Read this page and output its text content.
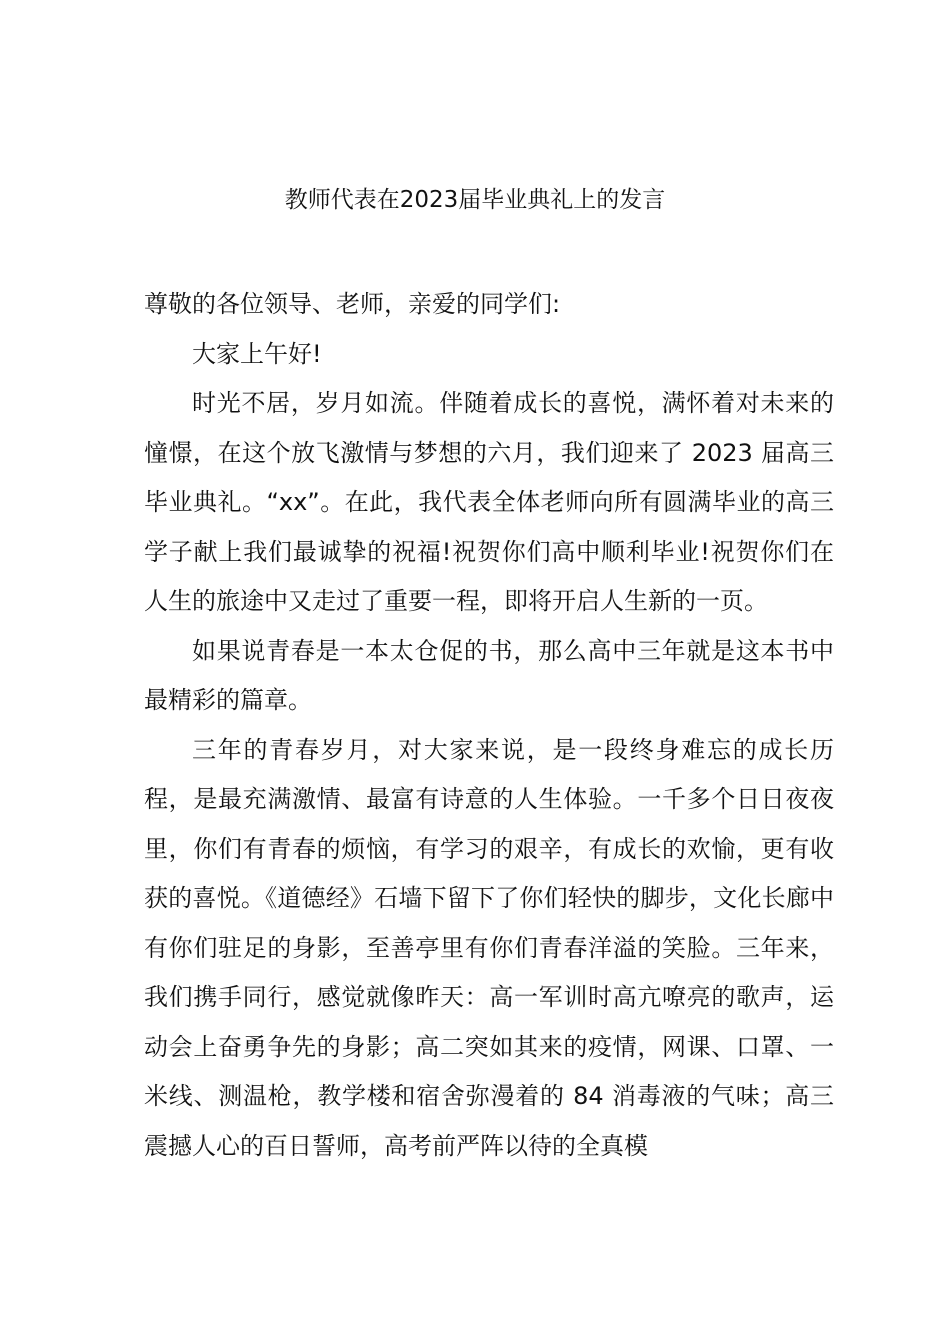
教师代表在2023届毕业典礼上的发言

尊敬的各位领导、老师，亲爱的同学们:

大家上午好!

时光不居，岁月如流。伴随着成长的喜悦，满怀着对未来的憧憬，在这个放飞激情与梦想的六月，我们迎来了 2023 届高三毕业典礼。“xx”。在此，我代表全体老师向所有圆满毕业的高三学子献上我们最诚挚的祝福!祝贺你们高中顺利毕业!祝贺你们在人生的旅途中又走过了重要一程，即将开启人生新的一页。

如果说青春是一本太仓促的书，那么高中三年就是这本书中最精彩的篇章。

三年的青春岁月，对大家来说，是一段终身难忘的成长历程，是最充满激情、最富有诗意的人生体验。一千多个日日夜夜里，你们有青春的烦恼，有学习的艰辛，有成长的欢愉，更有收获的喜悦。《道德经》石墙下留下了你们轻快的脚步，文化长廊中有你们驻足的身影，至善亭里有你们青春洋溢的笑脸。三年来，我们携手同行，感觉就像昨天：高一军训时高亢嘹亮的歌声，运动会上奋勇争先的身影；高二突如其来的疫情，网课、口罩、一米线、测温枪，教学楼和宿舍弥漫着的 84 消毒液的气味；高三震撼人心的百日誓师，高考前严阵以待的全真模
